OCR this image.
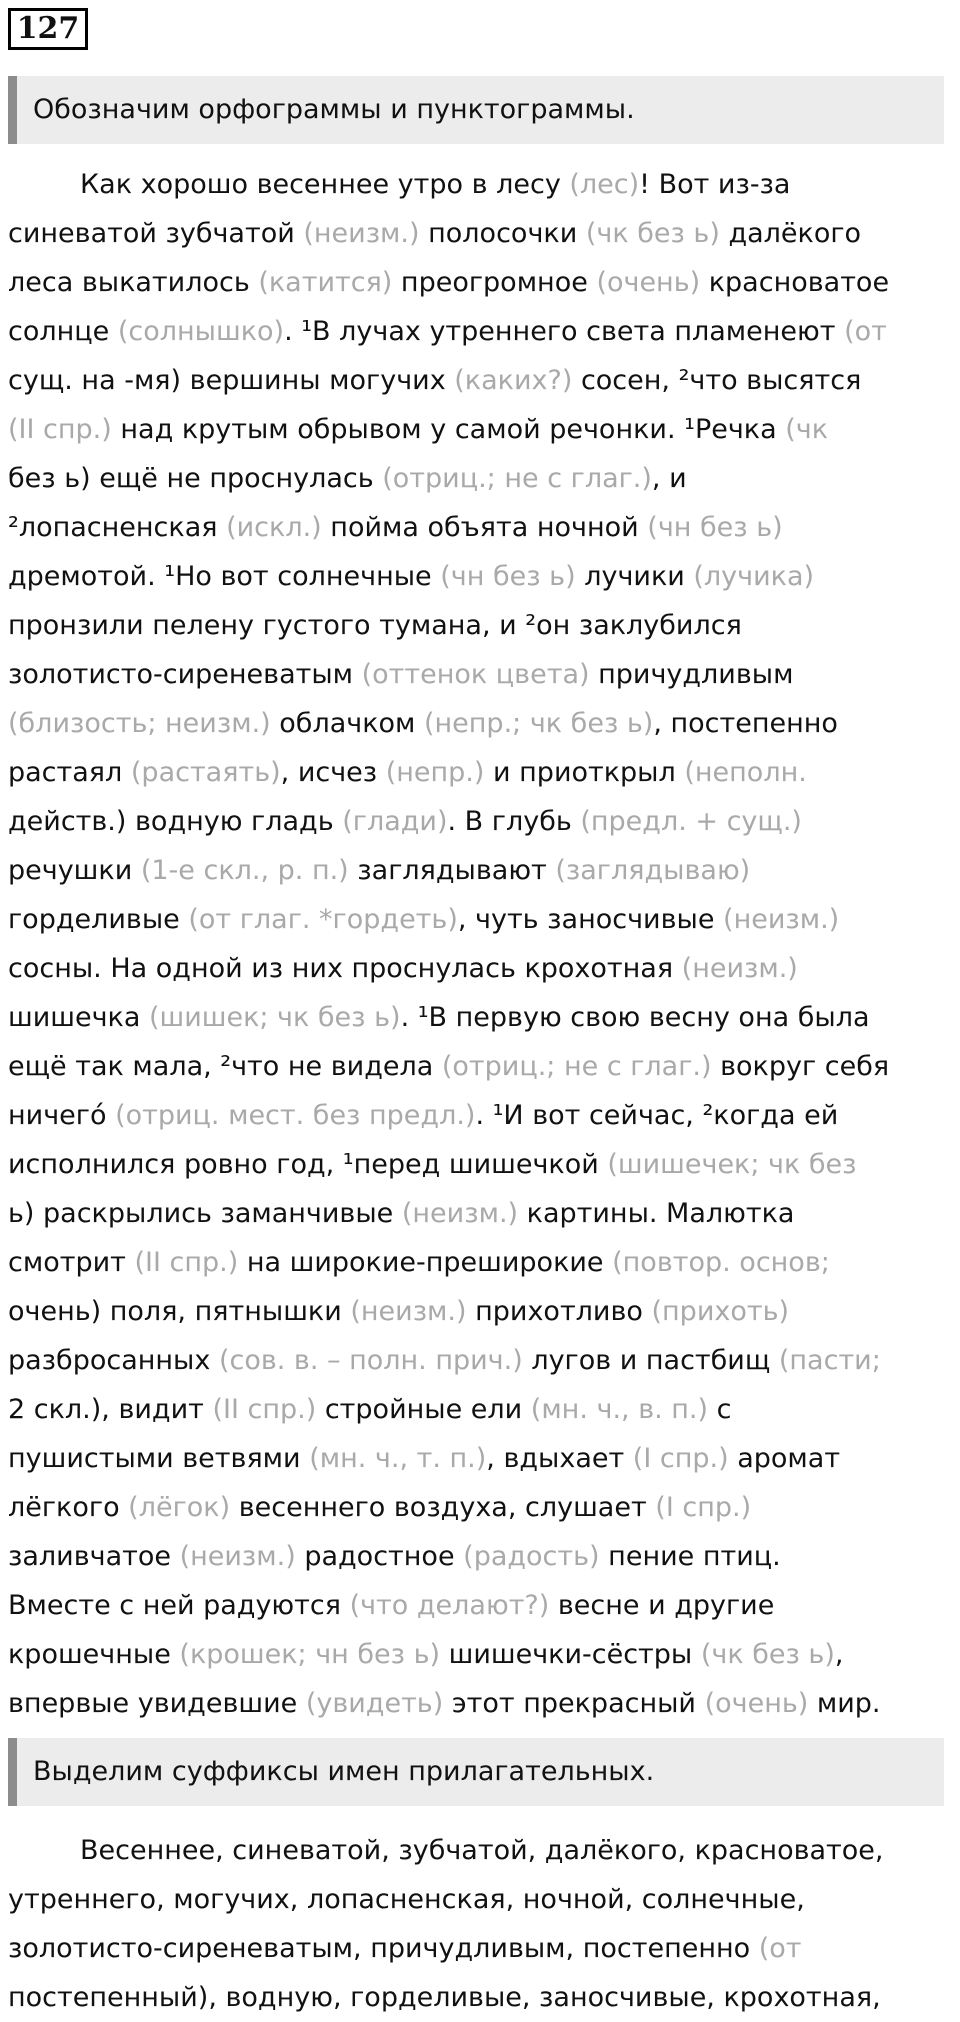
127
Обозначим орфограммы и пунктограммы.
Как хорошо весеннее утро в лесу (лес)! Вот из-за
синеватой зубчатой (неизм.) полосочки (чк без ь) далёкого
леса выкатилось (катится) преогромное (очень) красноватое
солнце (солнышко). ¹В лучах утреннего света пламенеют (от
сущ. на -мя) вершины могучих (каких?) сосен, ²что высятся
(II спр.) над крутым обрывом у самой речонки. ¹Речка (чк
без ь) ещё не проснулась (отриц.; не с глаг.), и
²лопасненская (искл.) пойма объята ночной (чн без ь)
дремотой. ¹Но вот солнечные (чн без ь) лучики (лучика)
пронзили пелену густого тумана, и ²он заклубился
золотисто-сиреневатым (оттенок цвета) причудливым
(близость; неизм.) облачком (непр.; чк без ь), постепенно
растаял (растаять), исчез (непр.) и приоткрыл (неполн.
действ.) водную гладь (глади). В глубь (предл. + сущ.)
речушки (1-е скл., р. п.) заглядывают (заглядываю)
горделивые (от глаг. *гордеть), чуть заносчивые (неизм.)
сосны. На одной из них проснулась крохотная (неизм.)
шишечка (шишек; чк без ь). ¹В первую свою весну она была
ещё так мала, ²что не видела (отриц.; не с глаг.) вокруг себя
ничего́ (отриц. мест. без предл.). ¹И вот сейчас, ²когда ей
исполнился ровно год, ¹перед шишечкой (шишечек; чк без
ь) раскрылись заманчивые (неизм.) картины. Малютка
смотрит (II спр.) на широкие-преширокие (повтор. основ;
очень) поля, пятнышки (неизм.) прихотливо (прихоть)
разбросанных (сов. в. – полн. прич.) лугов и пастбищ (пасти;
2 скл.), видит (II спр.) стройные ели (мн. ч., в. п.) с
пушистыми ветвями (мн. ч., т. п.), вдыхает (I спр.) аромат
лёгкого (лёгок) весеннего воздуха, слушает (I спр.)
заливчатое (неизм.) радостное (радость) пение птиц.
Вместе с ней радуются (что делают?) весне и другие
крошечные (крошек; чн без ь) шишечки-сёстры (чк без ь),
впервые увидевшие (увидеть) этот прекрасный (очень) мир.
Выделим суффиксы имен прилагательных.
Весеннее, синеватой, зубчатой, далёкого, красноватое,
утреннего, могучих, лопасненская, ночной, солнечные,
золотисто-сиреневатым, причудливым, постепенно (от
постепенный), водную, горделивые, заносчивые, крохотная,
